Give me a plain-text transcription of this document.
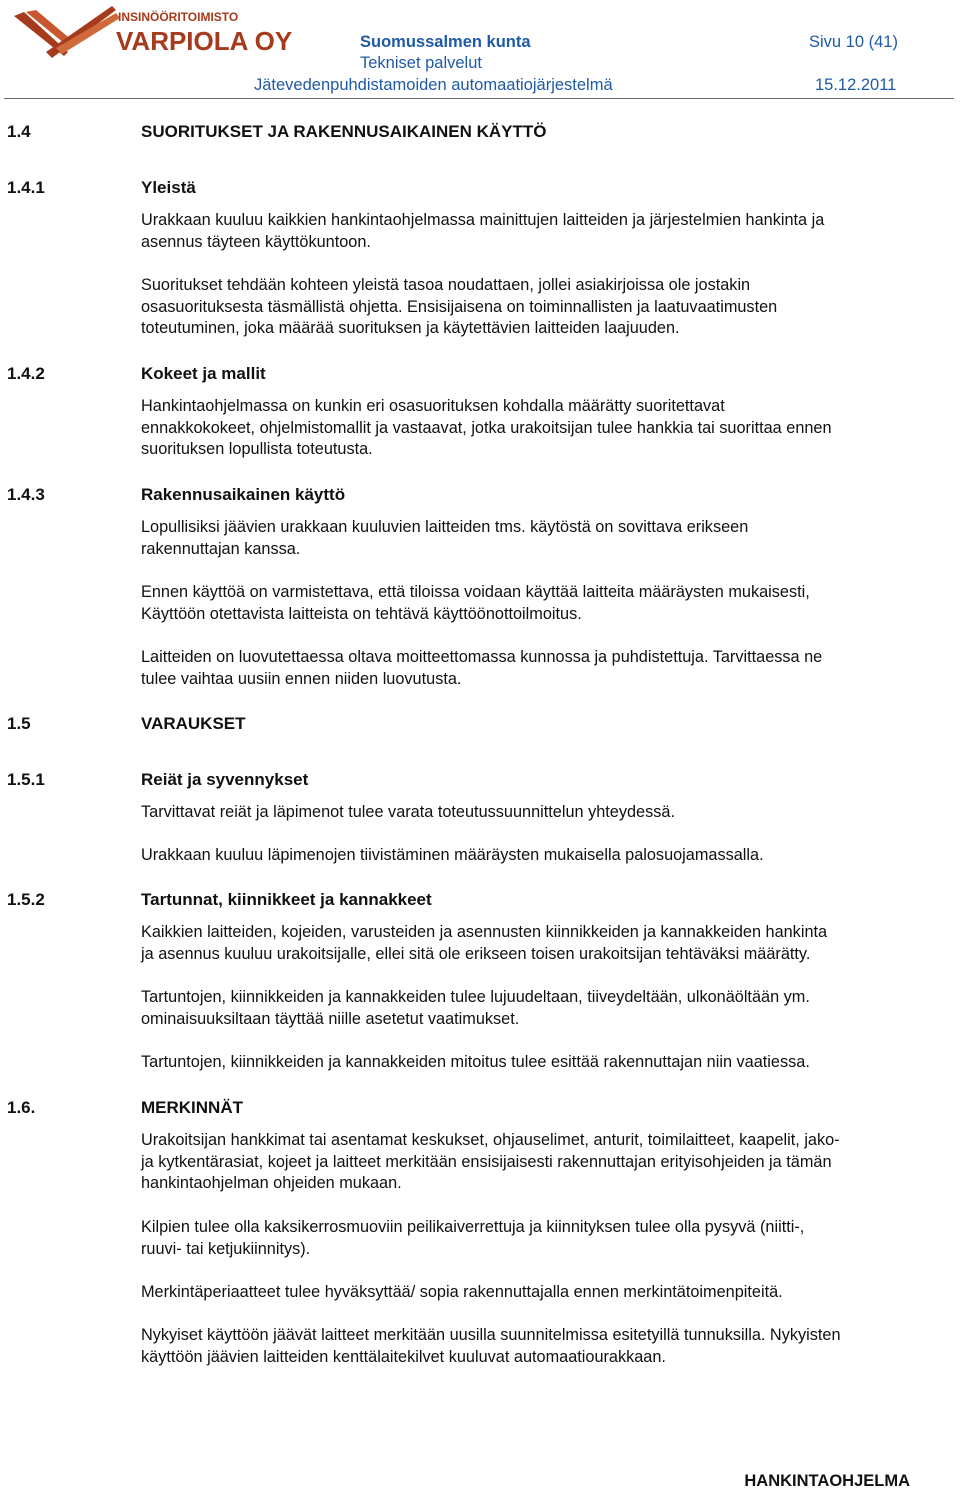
INSINÖÖRITOIMISTO
VARPIOLA OY	Suomussalmen kunta	Sivu 10 (41)
Tekniset palvelut
Jätevedenpuhdistamoiden automaatiojärjestelmä	15.12.2011
1.4	SUORITUKSET JA RAKENNUSAIKAINEN KÄYTTÖ
1.4.1	Yleistä
1.4.2	Kokeet ja mallit
1.4.3	Rakennusaikainen käyttö
1.5	VARAUKSET
1.5.1	Reiät ja syvennykset
1.5.2	Tartunnat, kiinnikkeet ja kannakkeet
1.6.	MERKINNÄT
Urakkaan kuuluu kaikkien hankintaohjelmassa mainittujen laitteiden ja järjestelmien hankinta ja
asennus täyteen käyttökuntoon.
Suoritukset tehdään kohteen yleistä tasoa noudattaen, jollei asiakirjoissa ole jostakin
osasuorituksesta täsmällistä ohjetta. Ensisijaisena on toiminnallisten ja laatuvaatimusten
toteutuminen, joka määrää suorituksen ja käytettävien laitteiden laajuuden.
Hankintaohjelmassa on kunkin eri osasuorituksen kohdalla määrätty suoritettavat
ennakkokokeet, ohjelmistomallit ja vastaavat, jotka urakoitsijan tulee hankkia tai suorittaa ennen
suorituksen lopullista toteutusta.
Lopullisiksi jäävien urakkaan kuuluvien laitteiden tms. käytöstä on sovittava erikseen
rakennuttajan kanssa.
Ennen käyttöä on varmistettava, että tiloissa voidaan käyttää laitteita määräysten mukaisesti,
Käyttöön otettavista laitteista on tehtävä käyttöönottoilmoitus.
Laitteiden on luovutettaessa oltava moitteettomassa kunnossa ja puhdistettuja. Tarvittaessa ne
tulee vaihtaa uusiin ennen niiden luovutusta.
Tarvittavat reiät ja läpimenot tulee varata toteutussuunnittelun yhteydessä.
Urakkaan kuuluu läpimenojen tiivistäminen määräysten mukaisella palosuojamassalla.
Kaikkien laitteiden, kojeiden, varusteiden ja asennusten kiinnikkeiden ja kannakkeiden hankinta
ja asennus kuuluu urakoitsijalle, ellei sitä ole erikseen toisen urakoitsijan tehtäväksi määrätty.
Tartuntojen, kiinnikkeiden ja kannakkeiden tulee lujuudeltaan, tiiveydeltään, ulkonäöltään ym.
ominaisuuksiltaan täyttää niille asetetut vaatimukset.
Tartuntojen, kiinnikkeiden ja kannakkeiden mitoitus tulee esittää rakennuttajan niin vaatiessa.
Urakoitsijan hankkimat tai asentamat keskukset, ohjauselimet, anturit, toimilaitteet, kaapelit, jako-
ja kytkentärasiat, kojeet ja laitteet merkitään ensisijaisesti rakennuttajan erityisohjeiden ja tämän
hankintaohjelman ohjeiden mukaan.
Kilpien tulee olla kaksikerrosmuoviin peilikaiverrettuja ja kiinnityksen tulee olla pysyvä (niitti-,
ruuvi- tai ketjukiinnitys).
Merkintäperiaatteet tulee hyväksyttää/ sopia rakennuttajalla ennen merkintätoimenpiteitä.
Nykyiset käyttöön jäävät laitteet merkitään uusilla suunnitelmissa esitetyillä tunnuksilla. Nykyisten
käyttöön jäävien laitteiden kenttälaitekilvet kuuluvat automaatiourakkaan.
HANKINTAOHJELMA
